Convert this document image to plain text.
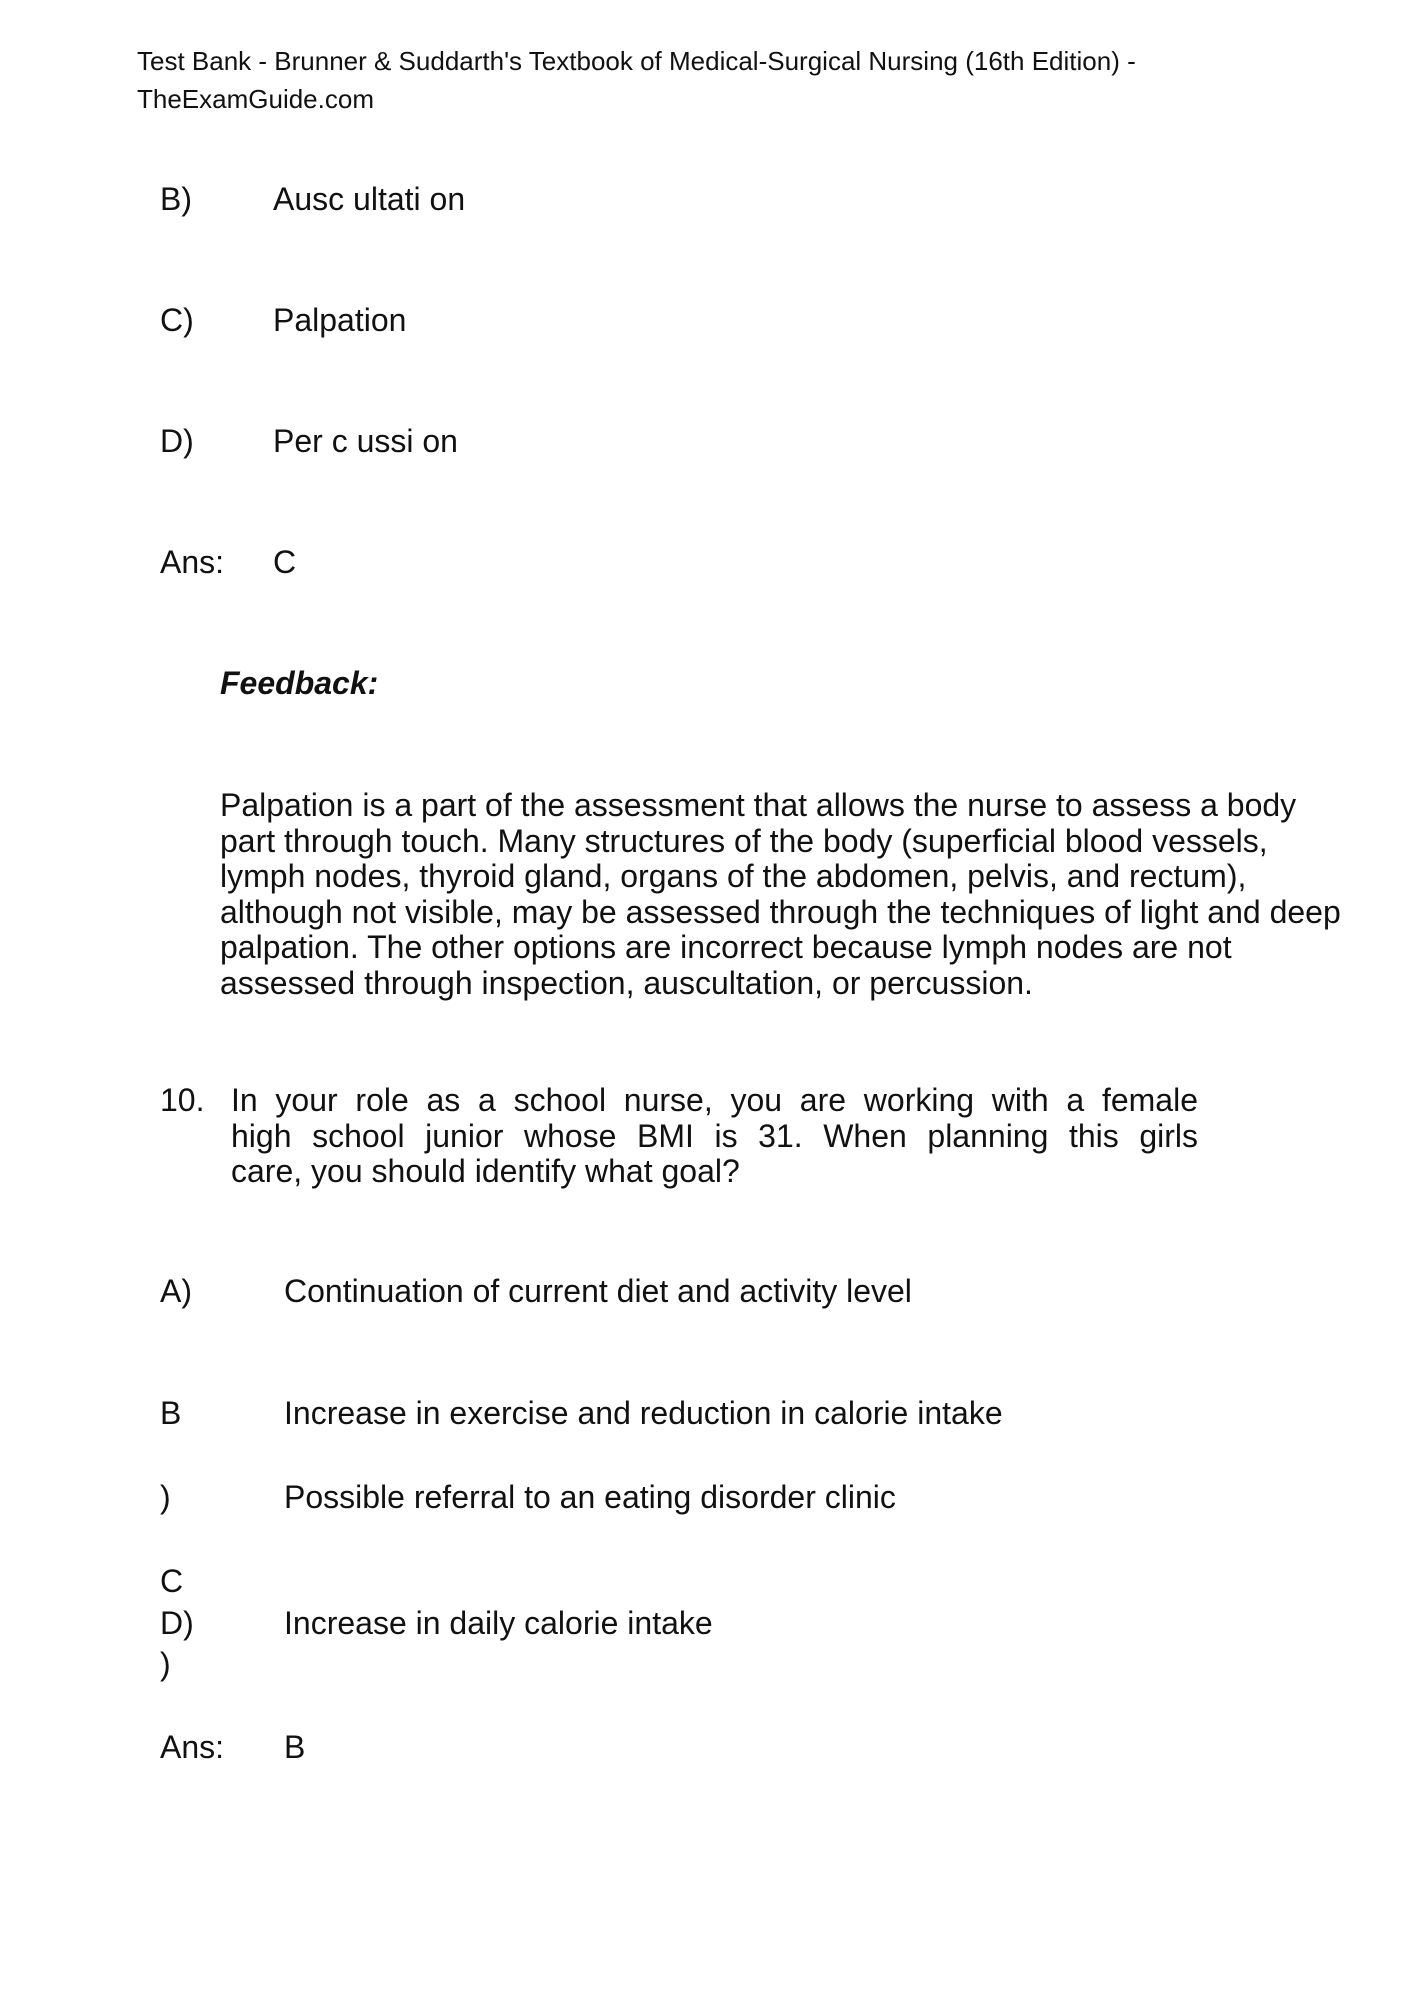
Test Bank - Brunner & Suddarth's Textbook of Medical-Surgical Nursing (16th Edition) -
TheExamGuide.com
B)	Ausc ultati on
C) Palpation
D) Per c ussi on
Ans: C
Feedback:
Palpation is a part of the assessment that allows the nurse to assess a body
part through touch. Many structures of the body (superficial blood vessels,
lymph nodes, thyroid gland, organs of the abdomen, pelvis, and rectum),
although not visible, may be assessed through the techniques of light and deep
palpation. The other options are incorrect because lymph nodes are not
assessed through inspection, auscultation, or percussion.
10. In your role as a school nurse, you are working with a female
high school junior whose BMI is 31. When planning this girls
care, you should identify what goal?
A)
B
)
C
D)
)
Continuation of current diet and activity level
Increase in exercise and reduction in calorie intake
Possible referral to an eating disorder clinic
Increase in daily calorie intake
Ans: B
